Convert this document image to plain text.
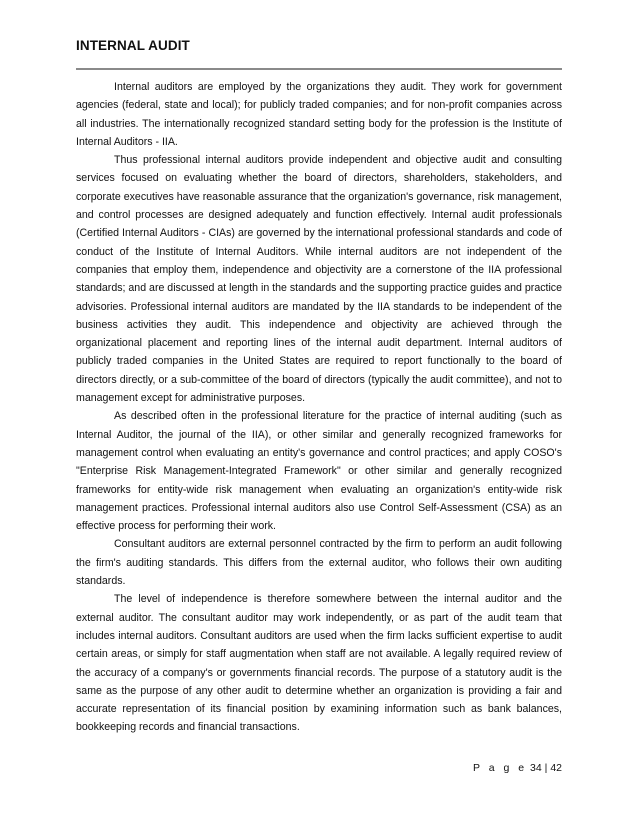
INTERNAL AUDIT

Internal auditors are employed by the organizations they audit. They work for government agencies (federal, state and local); for publicly traded companies; and for non-profit companies across all industries. The internationally recognized standard setting body for the profession is the Institute of Internal Auditors - IIA.

Thus professional internal auditors provide independent and objective audit and consulting services focused on evaluating whether the board of directors, shareholders, stakeholders, and corporate executives have reasonable assurance that the organization's governance, risk management, and control processes are designed adequately and function effectively. Internal audit professionals (Certified Internal Auditors - CIAs) are governed by the international professional standards and code of conduct of the Institute of Internal Auditors. While internal auditors are not independent of the companies that employ them, independence and objectivity are a cornerstone of the IIA professional standards; and are discussed at length in the standards and the supporting practice guides and practice advisories. Professional internal auditors are mandated by the IIA standards to be independent of the business activities they audit. This independence and objectivity are achieved through the organizational placement and reporting lines of the internal audit department. Internal auditors of publicly traded companies in the United States are required to report functionally to the board of directors directly, or a sub-committee of the board of directors (typically the audit committee), and not to management except for administrative purposes.

As described often in the professional literature for the practice of internal auditing (such as Internal Auditor, the journal of the IIA), or other similar and generally recognized frameworks for management control when evaluating an entity's governance and control practices; and apply COSO's "Enterprise Risk Management-Integrated Framework" or other similar and generally recognized frameworks for entity-wide risk management when evaluating an organization's entity-wide risk management practices. Professional internal auditors also use Control Self-Assessment (CSA) as an effective process for performing their work.

Consultant auditors are external personnel contracted by the firm to perform an audit following the firm's auditing standards. This differs from the external auditor, who follows their own auditing standards.

The level of independence is therefore somewhere between the internal auditor and the external auditor. The consultant auditor may work independently, or as part of the audit team that includes internal auditors. Consultant auditors are used when the firm lacks sufficient expertise to audit certain areas, or simply for staff augmentation when staff are not available. A legally required review of the accuracy of a company's or governments financial records. The purpose of a statutory audit is the same as the purpose of any other audit to determine whether an organization is providing a fair and accurate representation of its financial position by examining information such as bank balances, bookkeeping records and financial transactions.

P a g e 34 | 42
